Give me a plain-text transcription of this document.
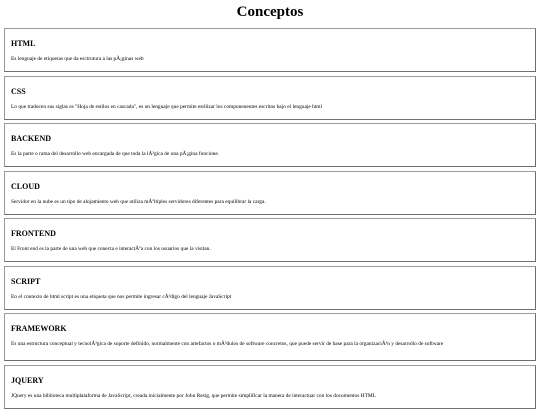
Conceptos
HTML

Es lenguaje de etiquetas que da esctrutura a las pÃ¡ginas web

CSS

Lo que traducen sus siglas es "Hoja de estilos en cascada", es un lenguaje que permite estilizar los componenentes escritos bajo el lenguaje html

BACKEND

Es la parte o rama del desarrollo web encargada de que toda la lÃ³gica de una pÃ¡gina funcione.

CLOUD

Servidor en la nube es un tipo de alojamiento web que utiliza mÃºltiples servidores diferentes para equilibrar la carga.

FRONTEND

El Front end es la parte de una web que conecta e interactÃºa con los usuarios que la visitan.

SCRIPT

En el contexto de html script es una etiqueta que nos permite ingresar cÃ³digo del lenguaje JavaScript

FRAMEWORK

Es una estructura conceptual y tecnolÃ³gica de soporte definido, normalmente con artefactos o mÃ³dulos de software concretos, que puede servir de base para la organizaciÃ³n y desarrollo de software

JQUERY

JQuery es una biblioteca multiplataforma de JavaScript, creada inicialmente por John Resig, que permite simplificar la manera de interactuar con los documentos HTML
